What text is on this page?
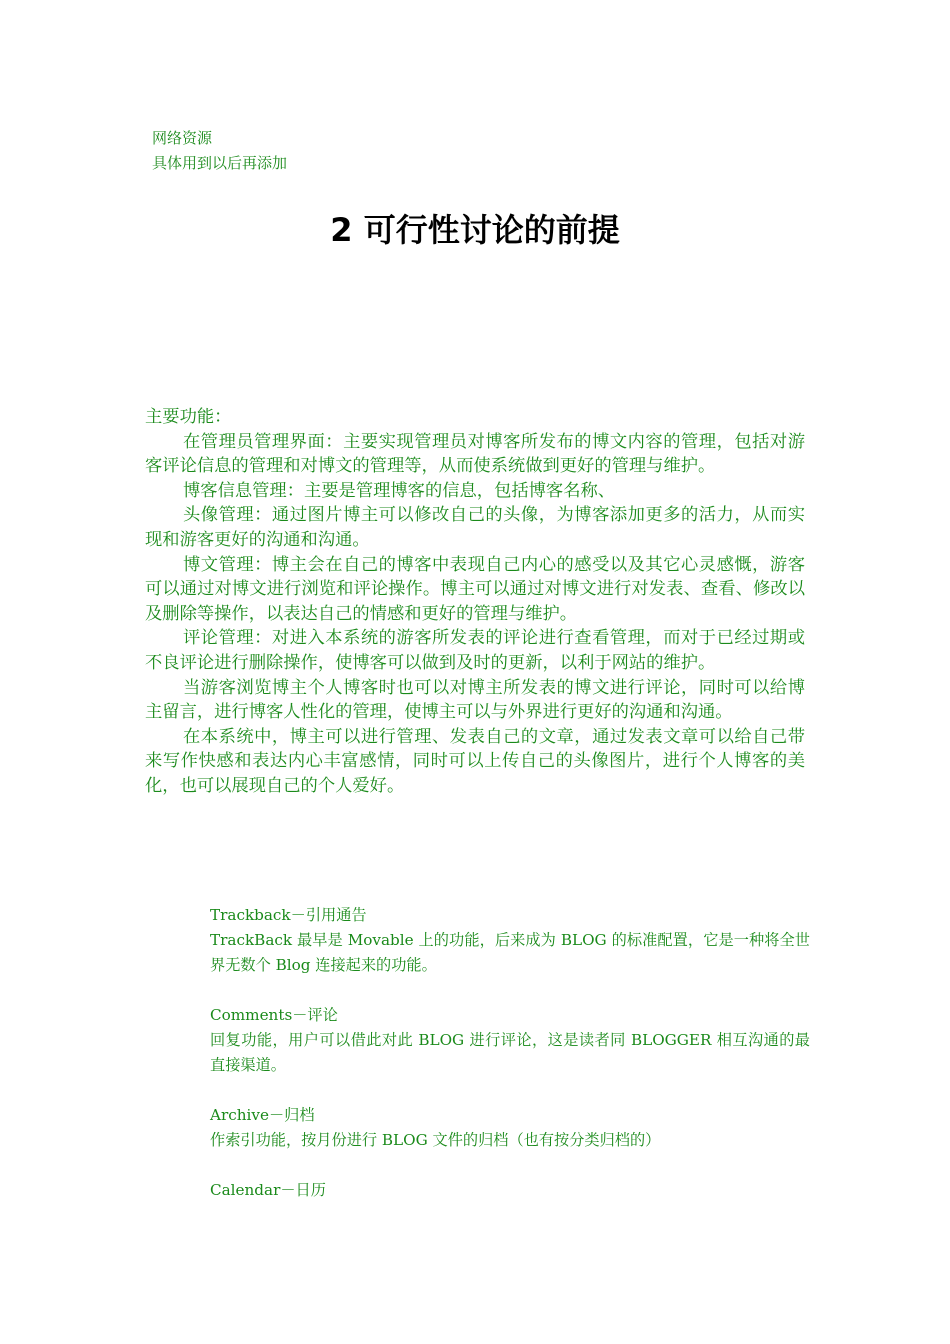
网络资源
具体用到以后再添加
2 可行性讨论的前提

主要功能：

在管理员管理界面：主要实现管理员对博客所发布的博文内容的管理，包括对游客评论信息的管理和对博文的管理等，从而使系统做到更好的管理与维护。

博客信息管理：主要是管理博客的信息，包括博客名称、

头像管理：通过图片博主可以修改自己的头像，为博客添加更多的活力，从而实现和游客更好的沟通和沟通。

博文管理：博主会在自己的博客中表现自己内心的感受以及其它心灵感慨，游客可以通过对博文进行浏览和评论操作。博主可以通过对博文进行对发表、查看、修改以及删除等操作，以表达自己的情感和更好的管理与维护。

评论管理：对进入本系统的游客所发表的评论进行查看管理，而对于已经过期或不良评论进行删除操作，使博客可以做到及时的更新，以利于网站的维护。

当游客浏览博主个人博客时也可以对博主所发表的博文进行评论，同时可以给博主留言，进行博客人性化的管理，使博主可以与外界进行更好的沟通和沟通。

在本系统中，博主可以进行管理、发表自己的文章，通过发表文章可以给自己带来写作快感和表达内心丰富感情，同时可以上传自己的头像图片，进行个人博客的美化，也可以展现自己的个人爱好。

Trackback－引用通告

TrackBack 最早是 Movable 上的功能，后来成为 BLOG 的标准配置，它是一种将全世界无数个 Blog 连接起来的功能。

Comments－评论

回复功能，用户可以借此对此 BLOG 进行评论，这是读者同 BLOGGER 相互沟通的最直接渠道。

Archive－归档

作索引功能，按月份进行 BLOG 文件的归档（也有按分类归档的）

Calendar－日历
